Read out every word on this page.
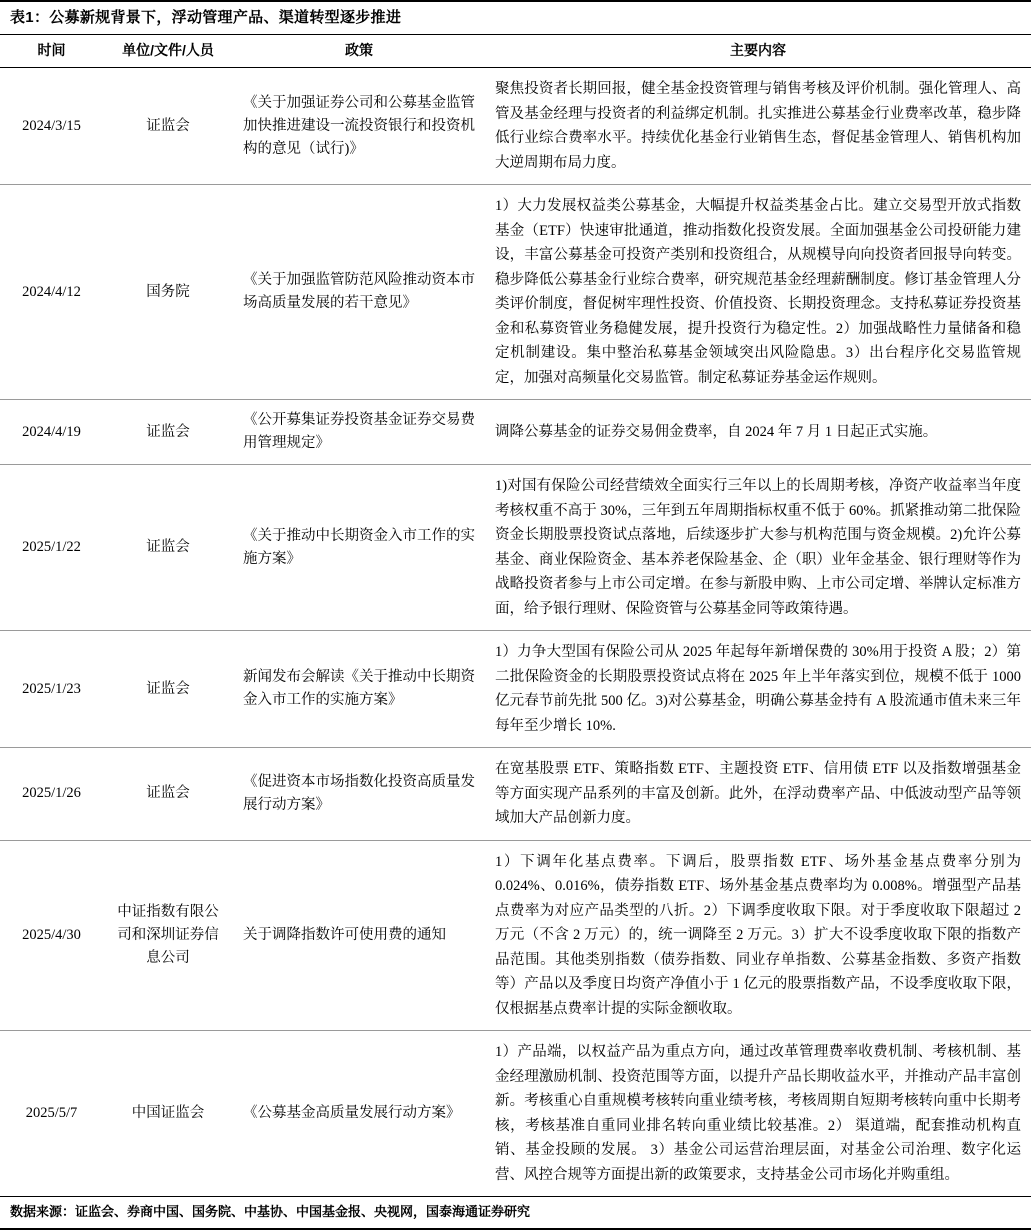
表1：公募新规背景下，浮动管理产品、渠道转型逐步推进
时间	单位/文件/人员	政策	主要内容
2024/3/15	证监会	《关于加强证券公司和公募基金监管加快推进建设一流投资银行和投资机构的意见（试行)》	聚焦投资者长期回报，健全基金投资管理与销售考核及评价机制。强化管理人、高管及基金经理与投资者的利益绑定机制。扎实推进公募基金行业费率改革，稳步降低行业综合费率水平。持续优化基金行业销售生态，督促基金管理人、销售机构加大逆周期布局力度。
2024/4/12	国务院	《关于加强监管防范风险推动资本市场高质量发展的若干意见》	1）大力发展权益类公募基金，大幅提升权益类基金占比。建立交易型开放式指数基金（ETF）快速审批通道，推动指数化投资发展。全面加强基金公司投研能力建设，丰富公募基金可投资产类别和投资组合，从规模导向向投资者回报导向转变。稳步降低公募基金行业综合费率，研究规范基金经理薪酬制度。修订基金管理人分类评价制度，督促树牢理性投资、价值投资、长期投资理念。支持私募证券投资基金和私募资管业务稳健发展，提升投资行为稳定性。2）加强战略性力量储备和稳定机制建设。集中整治私募基金领域突出风险隐患。3）出台程序化交易监管规定，加强对高频量化交易监管。制定私募证券基金运作规则。
2024/4/19	证监会	《公开募集证券投资基金证券交易费用管理规定》	调降公募基金的证券交易佣金费率，自 2024 年 7 月 1 日起正式实施。
2025/1/22	证监会	《关于推动中长期资金入市工作的实施方案》	1)对国有保险公司经营绩效全面实行三年以上的长周期考核，净资产收益率当年度考核权重不高于 30%，三年到五年周期指标权重不低于 60%。抓紧推动第二批保险资金长期股票投资试点落地，后续逐步扩大参与机构范围与资金规模。2)允许公募基金、商业保险资金、基本养老保险基金、企（职）业年金基金、银行理财等作为战略投资者参与上市公司定增。在参与新股申购、上市公司定增、举牌认定标准方面，给予银行理财、保险资管与公募基金同等政策待遇。
2025/1/23	证监会	新闻发布会解读《关于推动中长期资金入市工作的实施方案》	1）力争大型国有保险公司从 2025 年起每年新增保费的 30%用于投资 A 股；2）第二批保险资金的长期股票投资试点将在 2025 年上半年落实到位，规模不低于 1000 亿元春节前先批 500 亿。3)对公募基金，明确公募基金持有 A 股流通市值未来三年每年至少增长 10%.
2025/1/26	证监会	《促进资本市场指数化投资高质量发展行动方案》	在宽基股票 ETF、策略指数 ETF、主题投资 ETF、信用债 ETF 以及指数增强基金等方面实现产品系列的丰富及创新。此外，在浮动费率产品、中低波动型产品等领域加大产品创新力度。
2025/4/30	中证指数有限公司和深圳证券信息公司	关于调降指数许可使用费的通知	1）下调年化基点费率。下调后，股票指数 ETF、场外基金基点费率分别为 0.024%、0.016%，债券指数 ETF、场外基金基点费率均为 0.008%。增强型产品基点费率为对应产品类型的八折。2）下调季度收取下限。对于季度收取下限超过 2 万元（不含 2 万元）的，统一调降至 2 万元。3）扩大不设季度收取下限的指数产品范围。其他类别指数（债券指数、同业存单指数、公募基金指数、多资产指数等）产品以及季度日均资产净值小于 1 亿元的股票指数产品，不设季度收取下限，仅根据基点费率计提的实际金额收取。
2025/5/7	中国证监会	《公募基金高质量发展行动方案》	1）产品端，以权益产品为重点方向，通过改革管理费率收费机制、考核机制、基金经理激励机制、投资范围等方面，以提升产品长期收益水平，并推动产品丰富创新。考核重心自重规模考核转向重业绩考核，考核周期自短期考核转向重中长期考核，考核基准自重同业排名转向重业绩比较基准。2） 渠道端，配套推动机构直销、基金投顾的发展。 3）基金公司运营治理层面，对基金公司治理、数字化运营、风控合规等方面提出新的政策要求，支持基金公司市场化并购重组。
数据来源：证监会、券商中国、国务院、中基协、中国基金报、央视网，国泰海通证券研究
